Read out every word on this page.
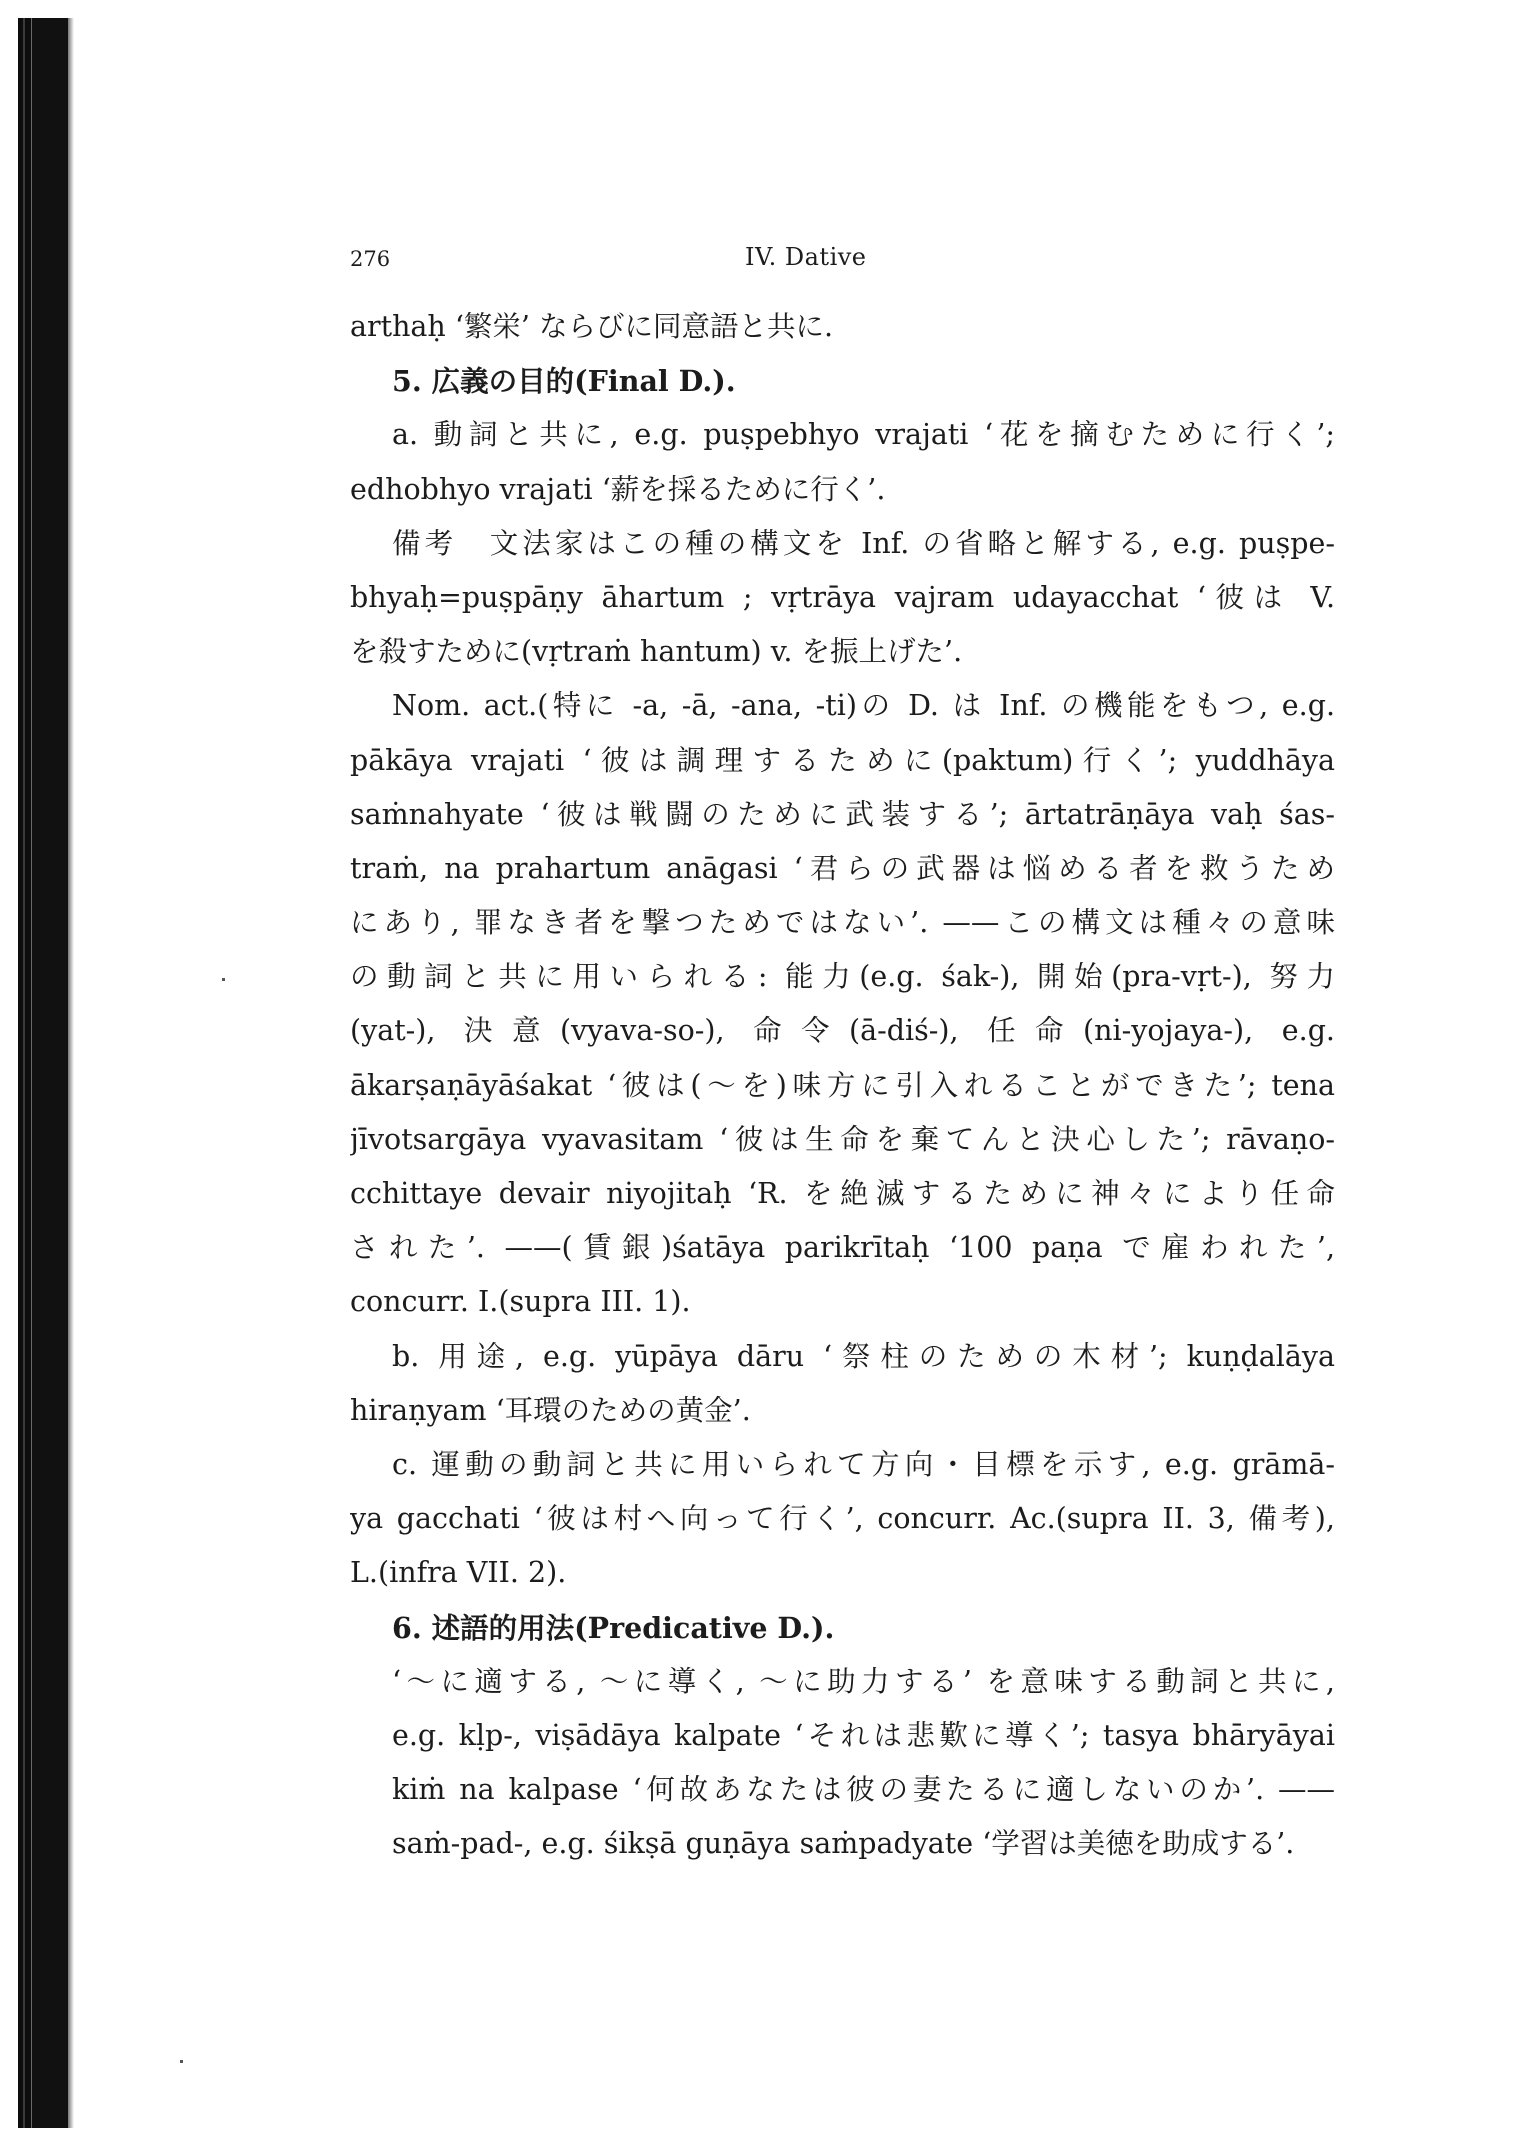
276	IV. Dative
arthaḥ ‘繁栄’ ならびに同意語と共に.
5. 広義の目的(Final D.).
a. 動詞と共に, e.g. puṣpebhyo vrajati ‘花を摘むために行く’;
edhobhyo vrajati ‘薪を採るために行く’.
備考　文法家はこの種の構文を Inf. の省略と解する, e.g. puṣpe-
bhyaḥ=puṣpāṇy āhartum ; vṛtrāya vajram udayacchat ‘彼は V.
を殺すために(vṛtraṁ hantum) v. を振上げた’.
Nom. act.(特に -a, -ā, -ana, -ti)の D. は Inf. の機能をもつ, e.g.
pākāya vrajati ‘彼は調理するために(paktum)行く’; yuddhāya
saṁnahyate ‘彼は戦闘のために武装する’; ārtatrāṇāya vaḥ śas-
traṁ, na prahartum anāgasi ‘君らの武器は悩める者を救うため
にあり, 罪なき者を撃つためではない’. ——この構文は種々の意味
の動詞と共に用いられる: 能力(e.g. śak-), 開始(pra-vṛt-), 努力
(yat-), 決意(vyava-so-), 命令(ā-diś-), 任命(ni-yojaya-), e.g.
ākarṣaṇāyāśakat ‘彼は(～を)味方に引入れることができた’; tena
jīvotsargāya vyavasitam ‘彼は生命を棄てんと決心した’; rāvaṇo-
cchittaye devair niyojitaḥ ‘R. を絶滅するために神々により任命
された’. ——(賃銀)śatāya parikrītaḥ ‘100 paṇa で雇われた’,
concurr. I.(supra III. 1).
b. 用途, e.g. yūpāya dāru ‘祭柱のための木材’; kuṇḍalāya
hiraṇyam ‘耳環のための黄金’.
c. 運動の動詞と共に用いられて方向・目標を示す, e.g. grāmā-
ya gacchati ‘彼は村へ向って行く’, concurr. Ac.(supra II. 3, 備考),
L.(infra VII. 2).
6. 述語的用法(Predicative D.).
‘～に適する, ～に導く, ～に助力する’ を意味する動詞と共に,
e.g. kḷp-, viṣādāya kalpate ‘それは悲歎に導く’; tasya bhāryāyai
kiṁ na kalpase ‘何故あなたは彼の妻たるに適しないのか’. ——
saṁ-pad-, e.g. śikṣā guṇāya saṁpadyate ‘学習は美徳を助成する’.
